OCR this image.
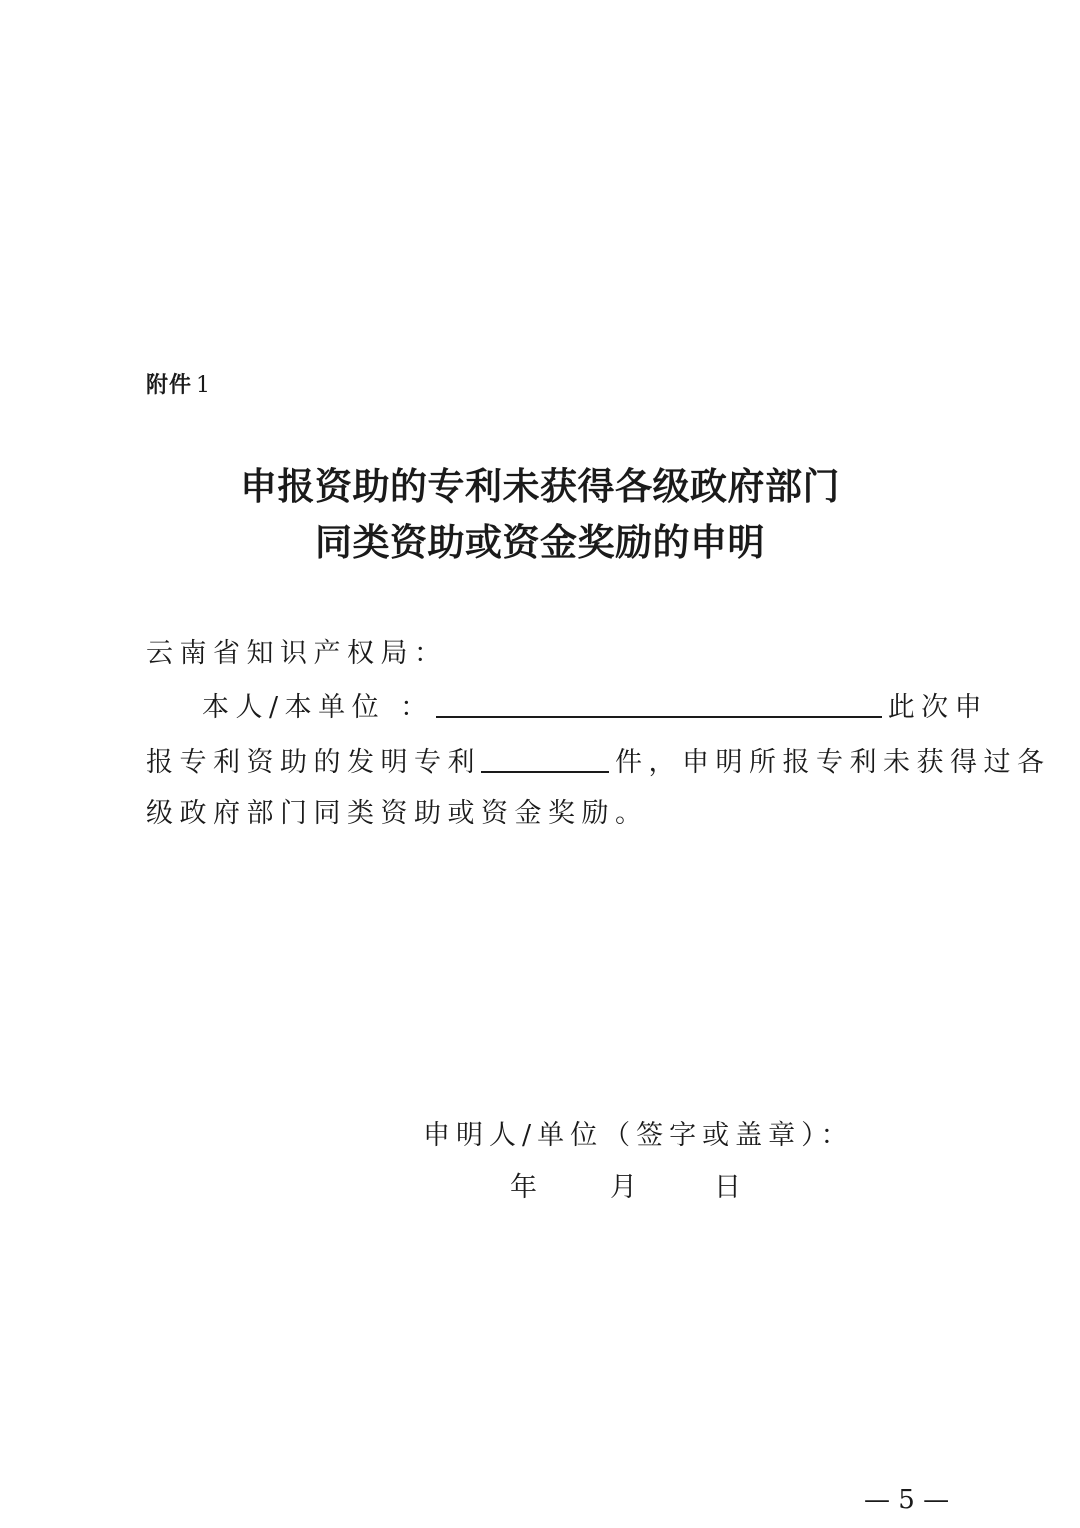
附件 1
申报资助的专利未获得各级政府部门
同类资助或资金奖励的申明
云南省知识产权局：
本人/本单位 ：	此次申
报专利资助的发明专利	件，申明所报专利未获得过各
级政府部门同类资助或资金奖励。
申明人/单位（签字或盖章）：
年	月	日
— 5 —
